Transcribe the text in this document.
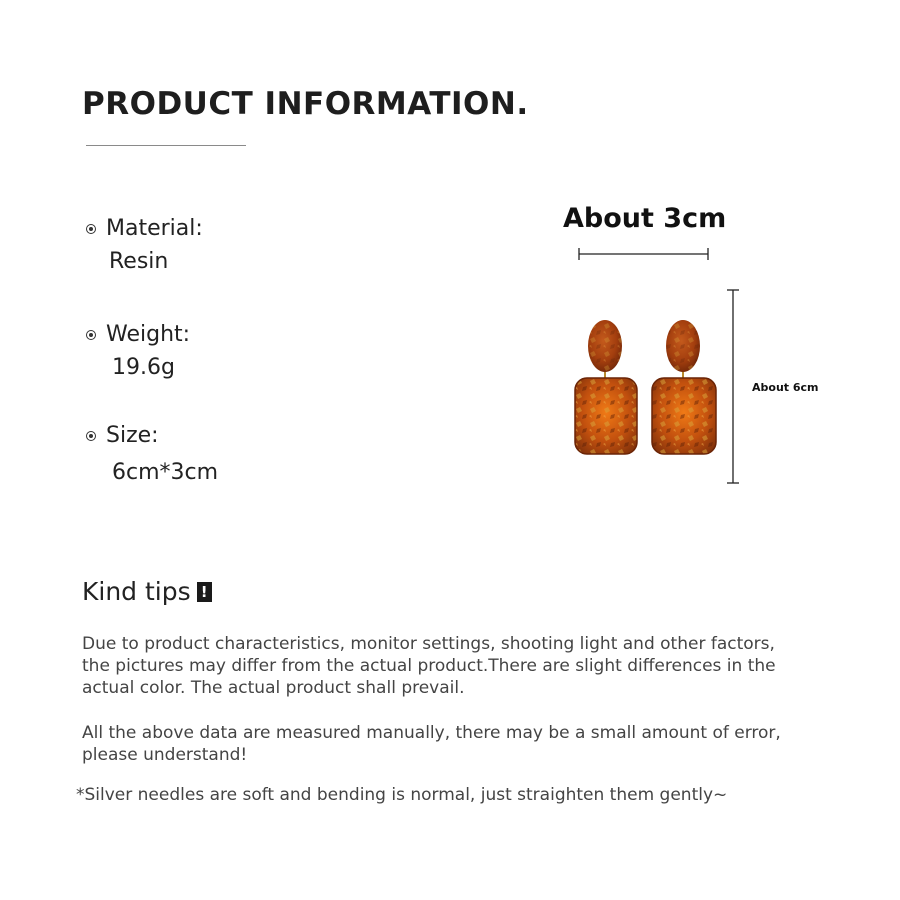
PRODUCT INFORMATION.
Material:
Resin
Weight:
19.6g
Size:
6cm*3cm
About 3cm
About 6cm
Kind tips !
Due to product characteristics, monitor settings, shooting light and other factors, the pictures may differ from the actual product.There are slight differences in the actual color. The actual product shall prevail.
All the above data are measured manually, there may be a small amount of error, please understand!
*Silver needles are soft and bending is normal, just straighten them gently~
